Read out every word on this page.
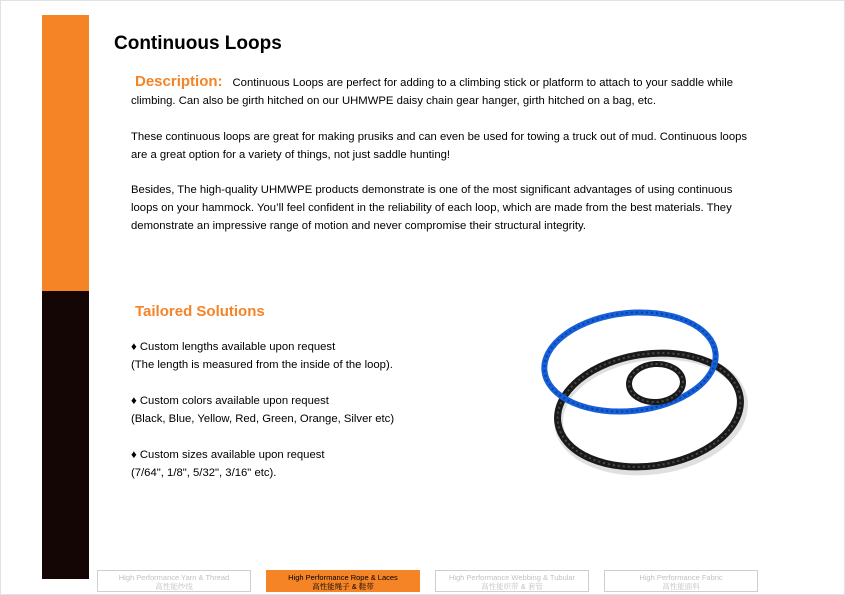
Continuous Loops

Description: Continuous Loops are perfect for adding to a climbing stick or platform to attach to your saddle while climbing. Can also be girth hitched on our UHMWPE daisy chain gear hanger, girth hitched on a bag, etc.

These continuous loops are great for making prusiks and can even be used for towing a truck out of mud. Continuous loops are a great option for a variety of things, not just saddle hunting!

Besides, The high-quality UHMWPE products demonstrate is one of the most significant advantages of using continuous loops on your hammock. You’ll feel confident in the reliability of each loop, which are made from the best materials. They demonstrate an impressive range of motion and never compromise their structural integrity.

Tailored Solutions
♦ Custom lengths available upon request
(The length is measured from the inside of the loop).
♦ Custom colors available upon request
(Black, Blue, Yellow, Red, Green, Orange, Silver etc)
♦ Custom sizes available upon request
(7/64", 1/8", 5/32", 3/16" etc).
High Performance Yarn & Thread
高性能纱线
High Performance Rope & Laces
高性能绳子 & 鞋带
High Performance Webbing & Tubular
高性能织带 & 套管
High Performance Fabric
高性能面料
